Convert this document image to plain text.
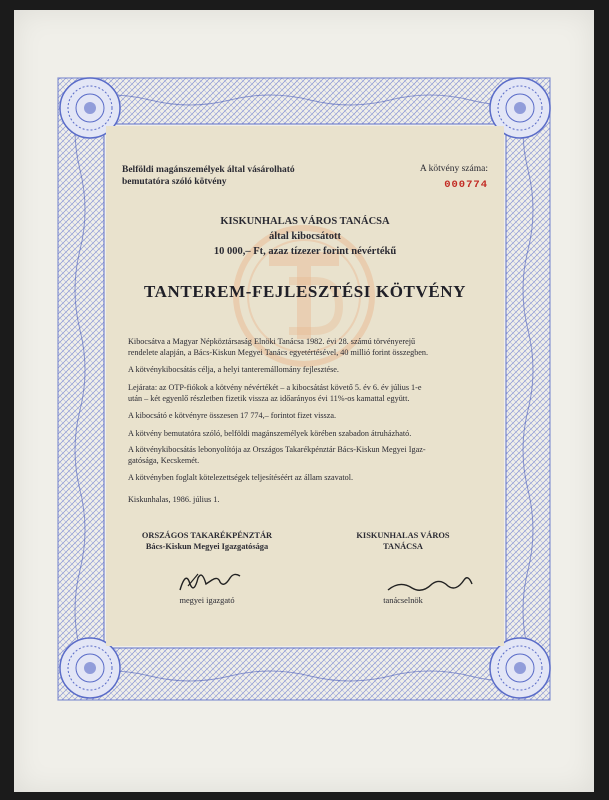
Belföldi magánszemélyek által vásárolható
bemutatóra szóló kötvény
A kötvény száma:
000774
KISKUNHALAS VÁROS TANÁCSA
által kibocsátott
10 000,– Ft, azaz tízezer forint névértékű
TANTEREM-FEJLESZTÉSI KÖTVÉNY
Kibocsátva a Magyar Népköztársaság Elnöki Tanácsa 1982. évi 28. számú törvényerejű
rendelete alapján, a Bács-Kiskun Megyei Tanács egyetértésével, 40 millió forint összegben.
A kötvénykibocsátás célja, a helyi tanteremállomány fejlesztése.
Lejárata: az OTP-fiókok a kötvény névértékét – a kibocsátást követő 5. év 6. év július 1-e
után – két egyenlő részletben fizetik vissza az időarányos évi 11%-os kamattal együtt.
A kibocsátó e kötvényre összesen 17 774,– forintot fizet vissza.
A kötvény bemutatóra szóló, belföldi magánszemélyek körében szabadon átruházható.
A kötvénykibocsátás lebonyolítója az Országos Takarékpénztár Bács-Kiskun Megyei Igaz-
gatósága, Kecskemét.
A kötvényben foglalt kötelezettségek teljesítéséért az állam szavatol.
Kiskunhalas, 1986. július 1.
ORSZÁGOS TAKARÉKPÉNZTÁR
Bács-Kiskun Megyei Igazgatósága
KISKUNHALAS VÁROS
TANÁCSA
megyei igazgató	tanácselnök
